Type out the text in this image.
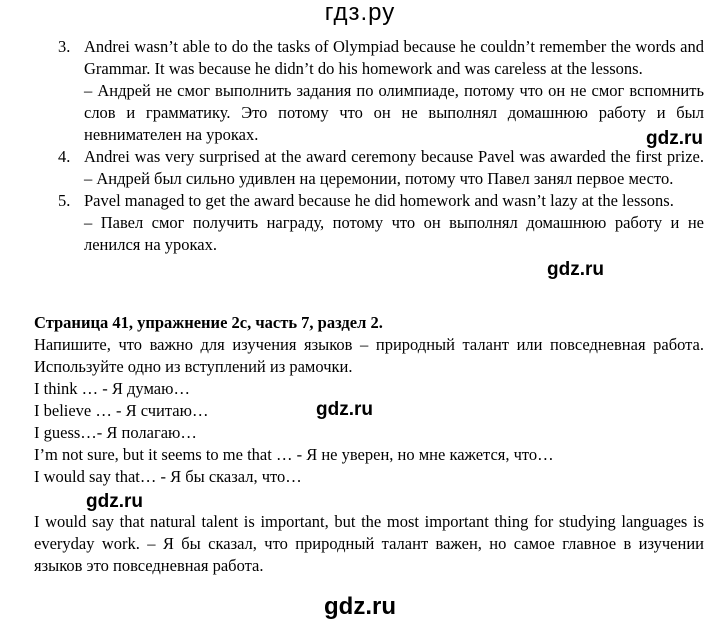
гдз.ру
3. Andrei wasn’t able to do the tasks of Olympiad because he couldn’t remember the words and Grammar. It was because he didn’t do his homework and was careless at the lessons.

– Андрей не смог выполнить задания по олимпиаде, потому что он не смог вспомнить слов и грамматику. Это потому что он не выполнял домашнюю работу и был невнимателен на уроках.

4. Andrei was very surprised at the award ceremony because Pavel was awarded the first prize. – Андрей был сильно удивлен на церемонии, потому что Павел занял первое место.

5. Pavel managed to get the award because he did homework and wasn’t lazy at the lessons.

– Павел смог получить награду, потому что он выполнял домашнюю работу и не ленился на уроках.

Страница 41, упражнение 2с, часть 7, раздел 2.

Напишите, что важно для изучения языков – природный талант или повседневная работа. Используйте одно из вступлений из рамочки.

I think … - Я думаю…

I believe … - Я считаю…

I guess…- Я полагаю…

I’m not sure, but it seems to me that … - Я не уверен, но мне кажется, что…

I would say that… - Я бы сказал, что…

I would say that natural talent is important, but the most important thing for studying languages is everyday work. – Я бы сказал, что природный талант важен, но самое главное в изучении языков это повседневная работа.

gdz.ru
gdz.ru
gdz.ru
gdz.ru
gdz.ru
